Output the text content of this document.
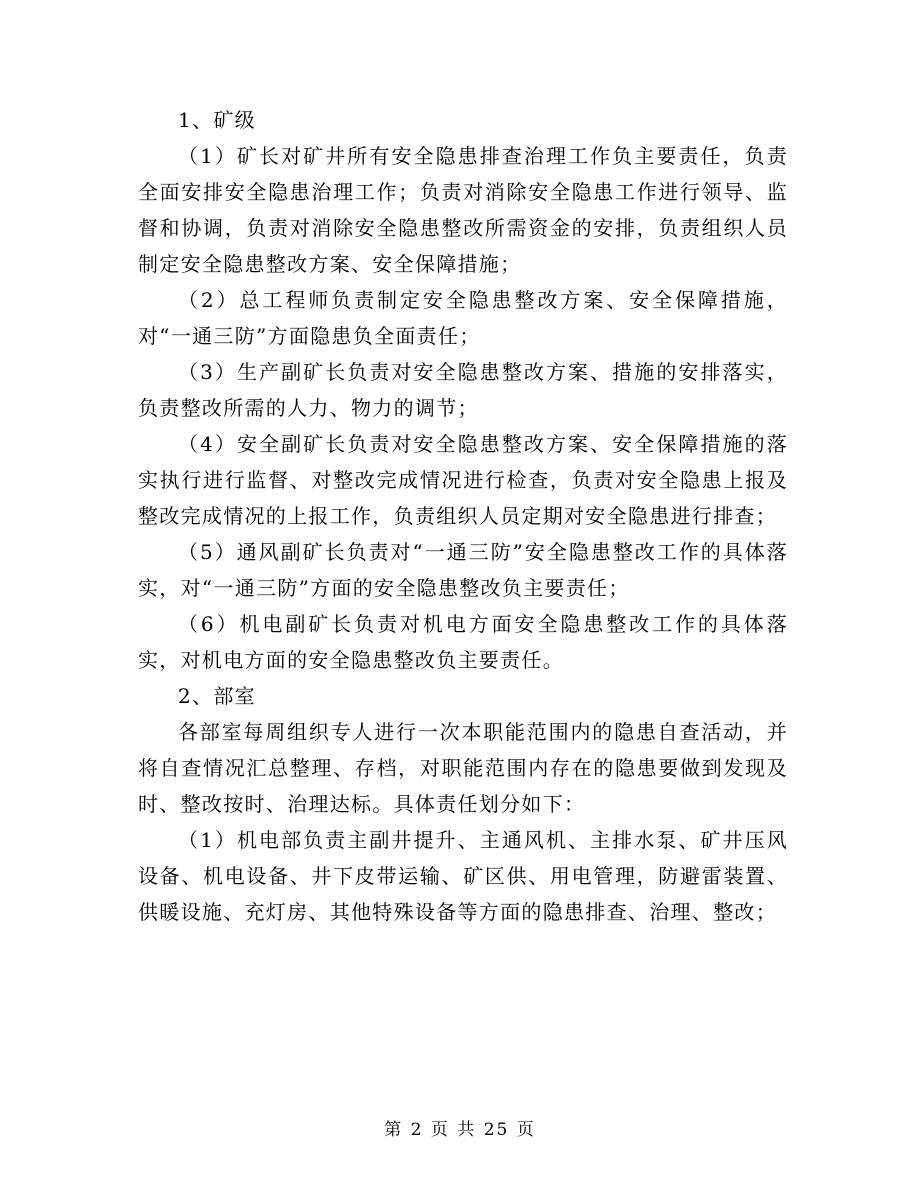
1、矿级

（1）矿长对矿井所有安全隐患排查治理工作负主要责任，负责全面安排安全隐患治理工作；负责对消除安全隐患工作进行领导、监督和协调，负责对消除安全隐患整改所需资金的安排，负责组织人员制定安全隐患整改方案、安全保障措施；

（2）总工程师负责制定安全隐患整改方案、安全保障措施，对“一通三防”方面隐患负全面责任；

（3）生产副矿长负责对安全隐患整改方案、措施的安排落实，负责整改所需的人力、物力的调节；

（4）安全副矿长负责对安全隐患整改方案、安全保障措施的落实执行进行监督、对整改完成情况进行检查，负责对安全隐患上报及整改完成情况的上报工作，负责组织人员定期对安全隐患进行排查；

（5）通风副矿长负责对“一通三防”安全隐患整改工作的具体落实，对“一通三防”方面的安全隐患整改负主要责任；

（6）机电副矿长负责对机电方面安全隐患整改工作的具体落实，对机电方面的安全隐患整改负主要责任。

2、部室

各部室每周组织专人进行一次本职能范围内的隐患自查活动，并将自查情况汇总整理、存档，对职能范围内存在的隐患要做到发现及时、整改按时、治理达标。具体责任划分如下：

（1）机电部负责主副井提升、主通风机、主排水泵、矿井压风设备、机电设备、井下皮带运输、矿区供、用电管理，防避雷装置、供暖设施、充灯房、其他特殊设备等方面的隐患排查、治理、整改；

第 2 页 共 25 页
